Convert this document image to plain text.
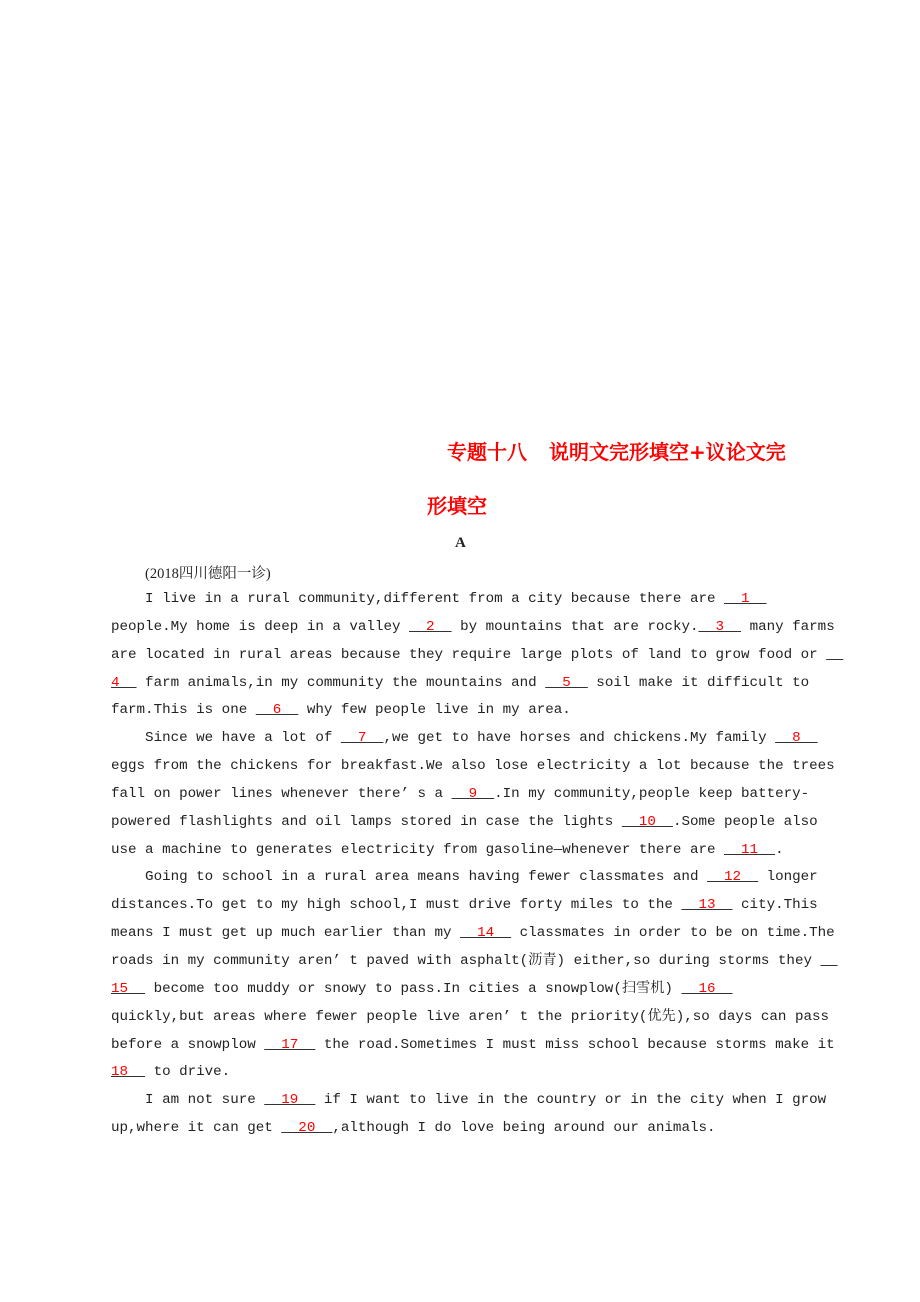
专题十八 说明文完形填空+议论文完
形填空
A
(2018四川德阳一诊)
I live in a rural community,different from a city because there are   1
people.My home is deep in a valley   2   by mountains that are rocky.  3   many farms
are located in rural areas because they require large plots of land to grow food or
4   farm animals,in my community the mountains and   5   soil make it difficult to
farm.This is one   6   why few people live in my area.
Since we have a lot of   7  ,we get to have horses and chickens.My family   8
eggs from the chickens for breakfast.We also lose electricity a lot because the trees
fall on power lines whenever there’ s a   9  .In my community,people keep battery-
powered flashlights and oil lamps stored in case the lights   10  .Some people also
use a machine to generates electricity from gasoline—whenever there are   11  .
Going to school in a rural area means having fewer classmates and   12   longer
distances.To get to my high school,I must drive forty miles to the   13   city.This
means I must get up much earlier than my   14   classmates in order to be on time.The
roads in my community aren’ t paved with asphalt(沥青) either,so during storms they
15   become too muddy or snowy to pass.In cities a snowplow(扫雪机)   16
quickly,but areas where fewer people live aren’ t the priority(优先),so days can pass
before a snowplow   17   the road.Sometimes I must miss school because storms make it
18   to drive.
I am not sure   19   if I want to live in the country or in the city when I grow
up,where it can get   20  ,although I do love being around our animals.
